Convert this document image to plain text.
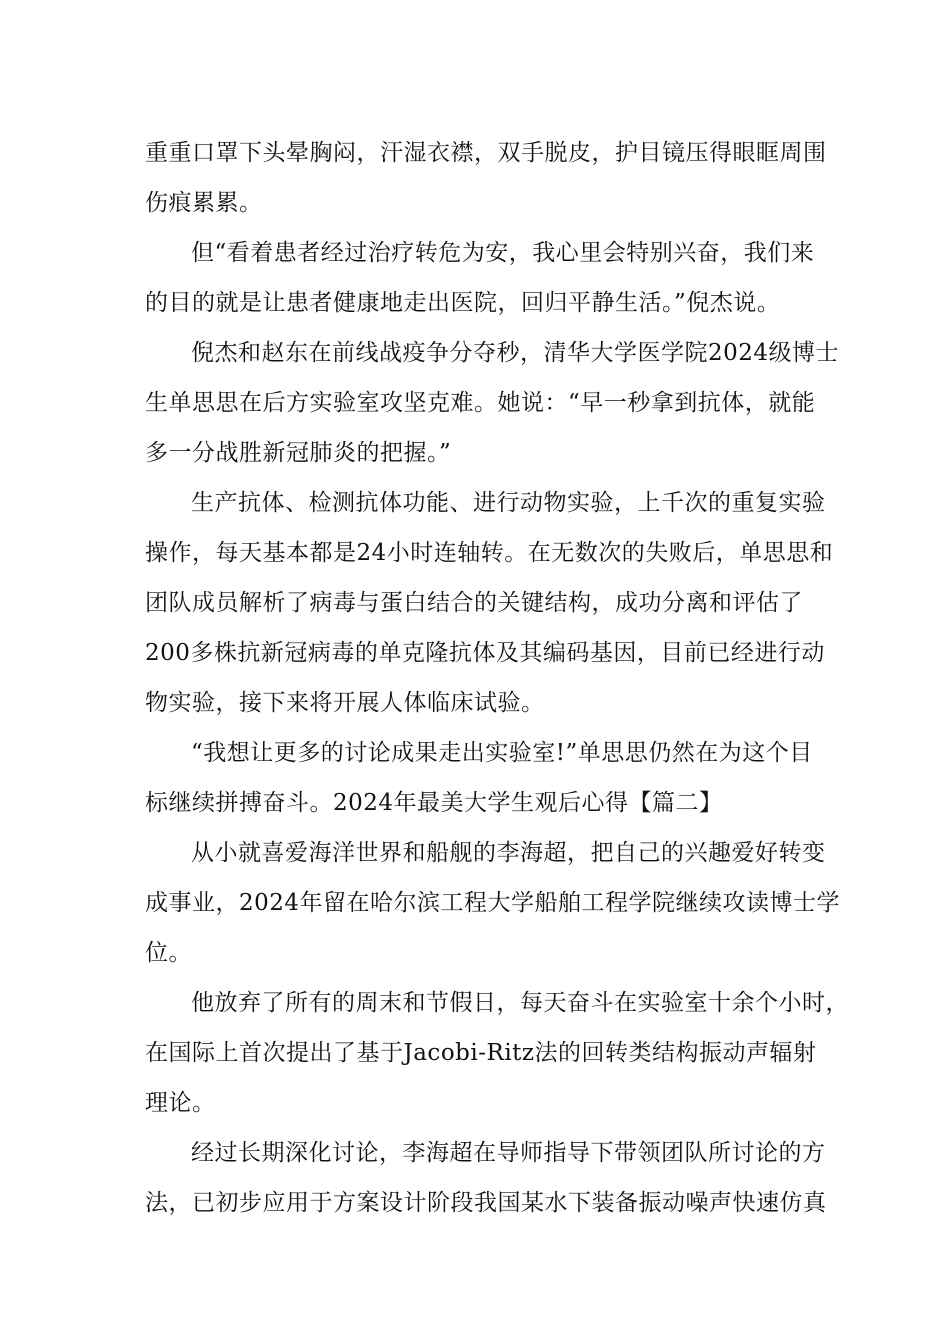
重重口罩下头晕胸闷，汗湿衣襟，双手脱皮，护目镜压得眼眶周围
伤痕累累。
但“看着患者经过治疗转危为安，我心里会特别兴奋，我们来
的目的就是让患者健康地走出医院，回归平静生活。”倪杰说。
倪杰和赵东在前线战疫争分夺秒，清华大学医学院2024级博士
生单思思在后方实验室攻坚克难。她说：“早一秒拿到抗体，就能
多一分战胜新冠肺炎的把握。”
生产抗体、检测抗体功能、进行动物实验，上千次的重复实验
操作，每天基本都是24小时连轴转。在无数次的失败后，单思思和
团队成员解析了病毒与蛋白结合的关键结构，成功分离和评估了
200多株抗新冠病毒的单克隆抗体及其编码基因，目前已经进行动
物实验，接下来将开展人体临床试验。
“我想让更多的讨论成果走出实验室!”单思思仍然在为这个目
标继续拼搏奋斗。2024年最美大学生观后心得【篇二】
从小就喜爱海洋世界和船舰的李海超，把自己的兴趣爱好转变
成事业，2024年留在哈尔滨工程大学船舶工程学院继续攻读博士学
位。
他放弃了所有的周末和节假日，每天奋斗在实验室十余个小时，
在国际上首次提出了基于Jacobi-Ritz法的回转类结构振动声辐射
理论。
经过长期深化讨论，李海超在导师指导下带领团队所讨论的方
法，已初步应用于方案设计阶段我国某水下装备振动噪声快速仿真
